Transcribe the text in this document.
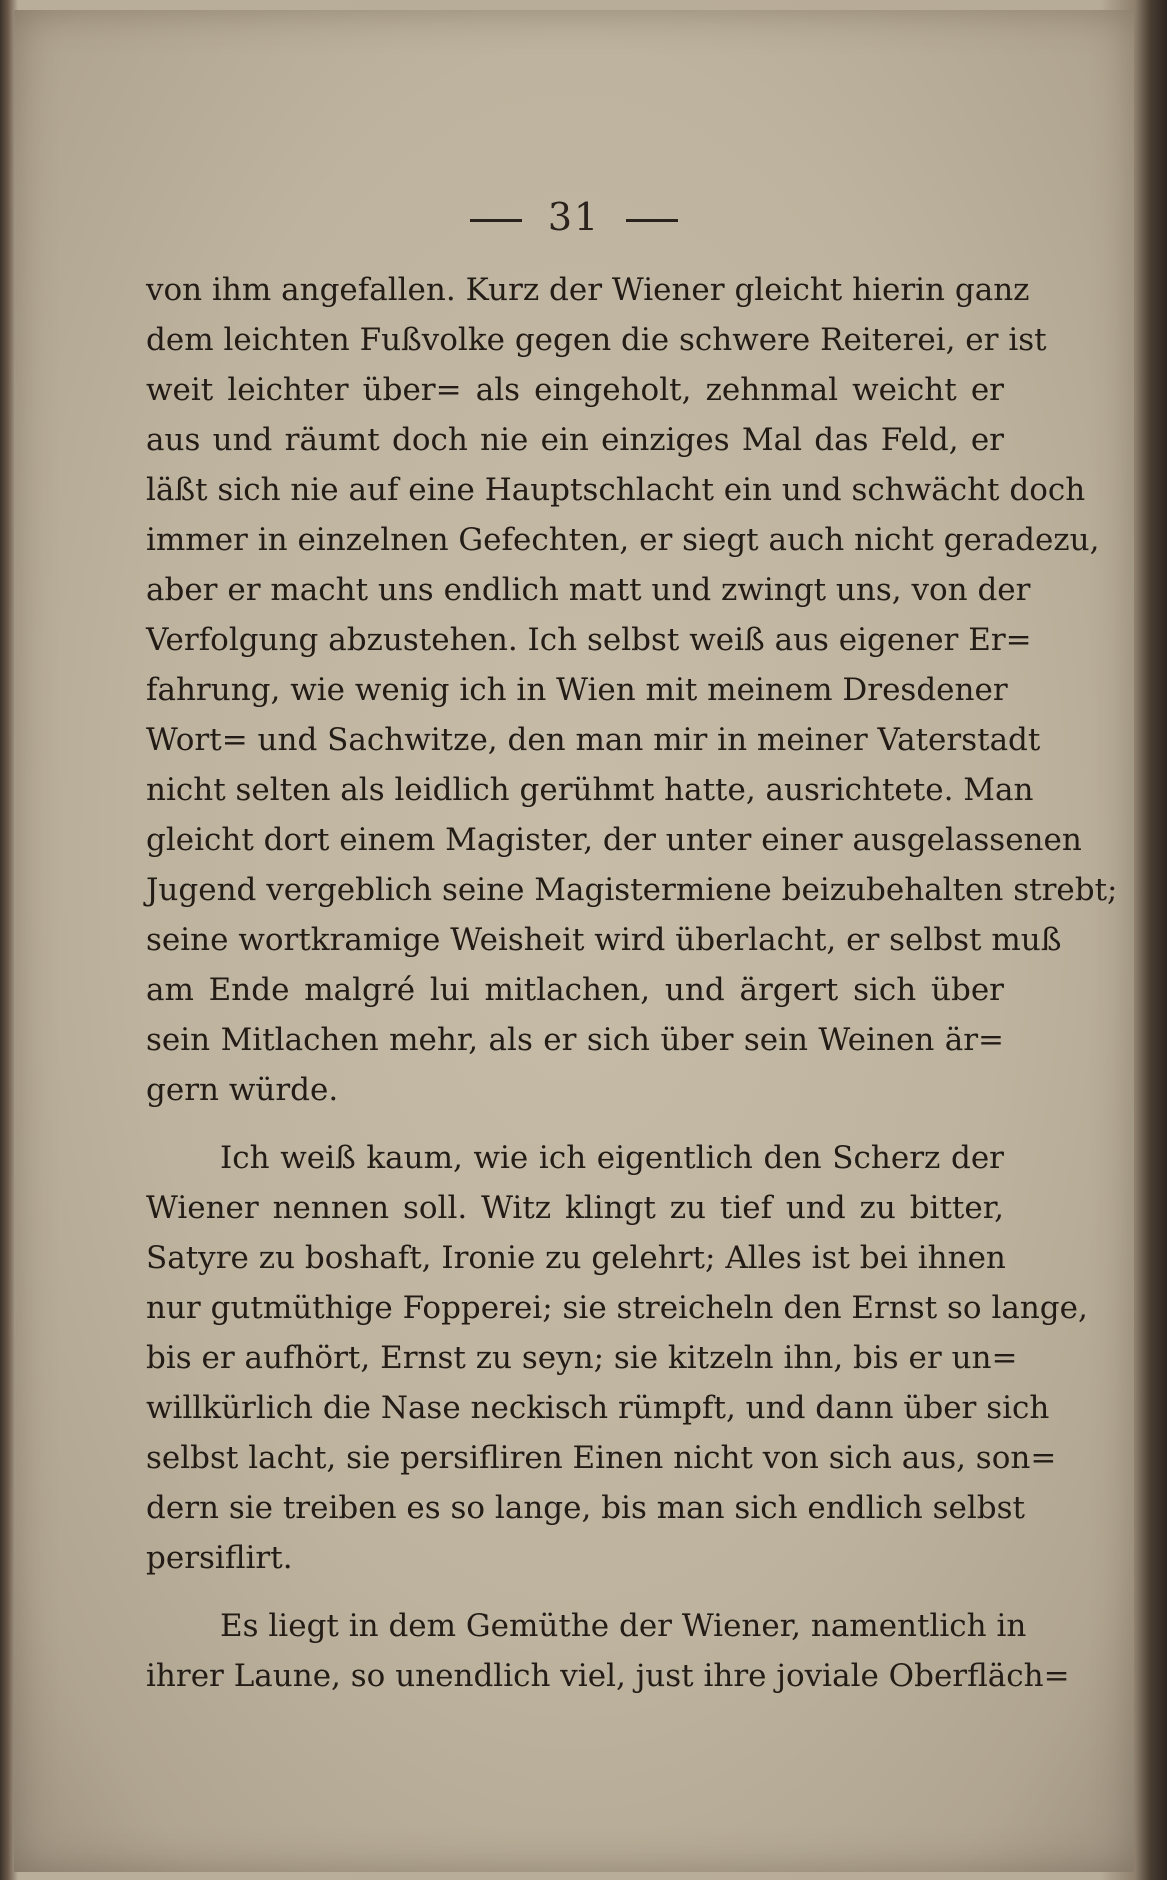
31
von ihm angefallen. Kurz der Wiener gleicht hierin ganz
dem leichten Fußvolke gegen die schwere Reiterei, er ist
weit leichter über= als eingeholt, zehnmal weicht er
aus und räumt doch nie ein einziges Mal das Feld, er
läßt sich nie auf eine Hauptschlacht ein und schwächt doch
immer in einzelnen Gefechten, er siegt auch nicht geradezu,
aber er macht uns endlich matt und zwingt uns, von der
Verfolgung abzustehen. Ich selbst weiß aus eigener Er=
fahrung, wie wenig ich in Wien mit meinem Dresdener
Wort= und Sachwitze, den man mir in meiner Vaterstadt
nicht selten als leidlich gerühmt hatte, ausrichtete. Man
gleicht dort einem Magister, der unter einer ausgelassenen
Jugend vergeblich seine Magistermiene beizubehalten strebt;
seine wortkramige Weisheit wird überlacht, er selbst muß
am Ende malgré lui mitlachen, und ärgert sich über
sein Mitlachen mehr, als er sich über sein Weinen är=
gern würde.
Ich weiß kaum, wie ich eigentlich den Scherz der
Wiener nennen soll. Witz klingt zu tief und zu bitter,
Satyre zu boshaft, Ironie zu gelehrt; Alles ist bei ihnen
nur gutmüthige Fopperei; sie streicheln den Ernst so lange,
bis er aufhört, Ernst zu seyn; sie kitzeln ihn, bis er un=
willkürlich die Nase neckisch rümpft, und dann über sich
selbst lacht, sie persifliren Einen nicht von sich aus, son=
dern sie treiben es so lange, bis man sich endlich selbst
persiflirt.
Es liegt in dem Gemüthe der Wiener, namentlich in
ihrer Laune, so unendlich viel, just ihre joviale Oberfläch=
